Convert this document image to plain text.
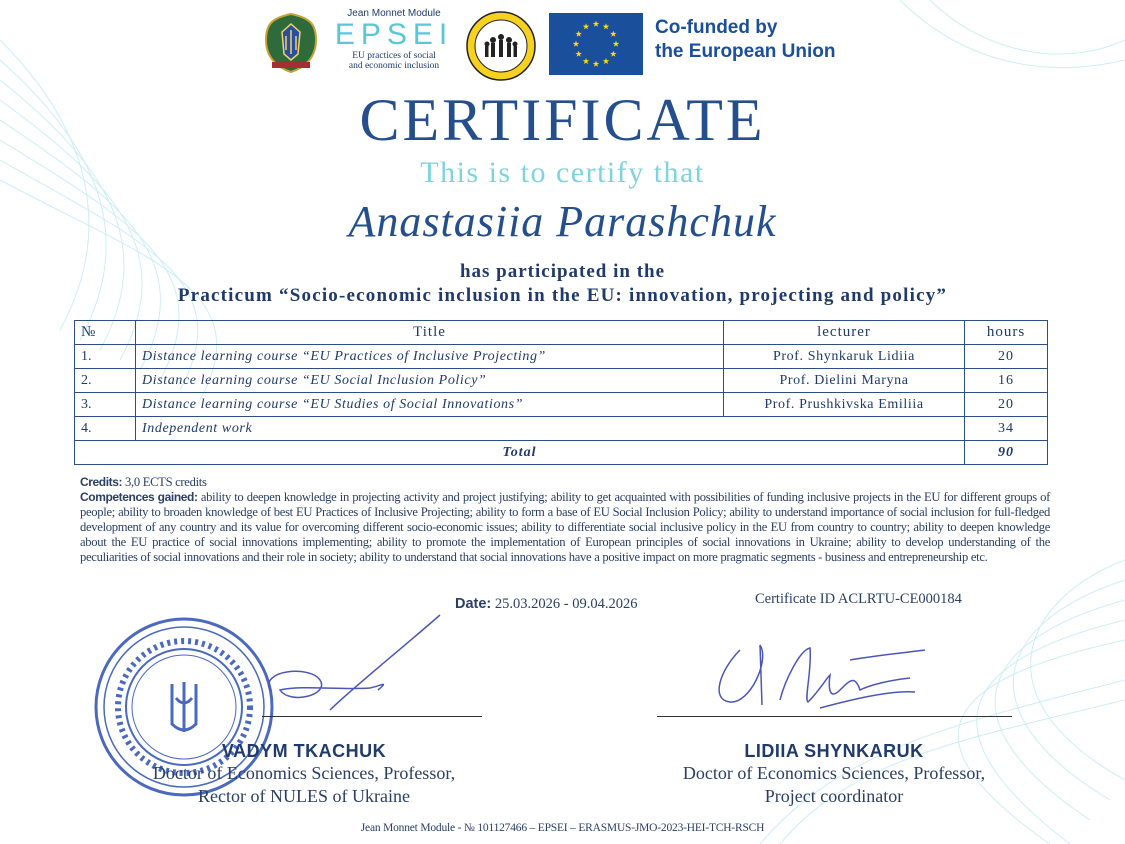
Jean Monnet Module
EPSEI
EU practices of social
and economic inclusion
Co-funded by
the European Union
CERTIFICATE
This is to certify that
Anastasiia Parashchuk
has participated in the
Practicum “Socio-economic inclusion in the EU: innovation, projecting and policy”
№	Title	lecturer	hours
1.	Distance learning course “EU Practices of Inclusive Projecting”	Prof. Shynkaruk Lidiia	20
2.	Distance learning course “EU Social Inclusion Policy”	Prof. Dielini Maryna	16
3.	Distance learning course “EU Studies of Social Innovations”	Prof. Prushkivska Emiliia	20
4.	Independent work		34
Total			90

Credits: 3,0 ECTS credits

Competences gained: ability to deepen knowledge in projecting activity and project justifying; ability to get acquainted with possibilities of funding inclusive projects in the EU for different groups of people; ability to broaden knowledge of best EU Practices of Inclusive Projecting; ability to form a base of EU Social Inclusion Policy; ability to understand importance of social inclusion for full-fledged development of any country and its value for overcoming different socio-economic issues; ability to differentiate social inclusive policy in the EU from country to country; ability to deepen knowledge about the EU practice of social innovations implementing; ability to promote the implementation of European principles of social innovations in Ukraine; ability to develop understanding of the peculiarities of social innovations and their role in society; ability to understand that social innovations have a positive impact on more pragmatic segments - business and entrepreneurship etc.

Date: 25.03.2026 - 09.04.2026	Certificate ID ACLRTU-CE000184
VADYM TKACHUK
Doctor of Economics Sciences, Professor,
Rector of NULES of Ukraine
LIDIIA SHYNKARUK
Doctor of Economics Sciences, Professor,
Project coordinator
Jean Monnet Module - № 101127466 – EPSEI – ERASMUS-JMO-2023-HEI-TCH-RSCH
